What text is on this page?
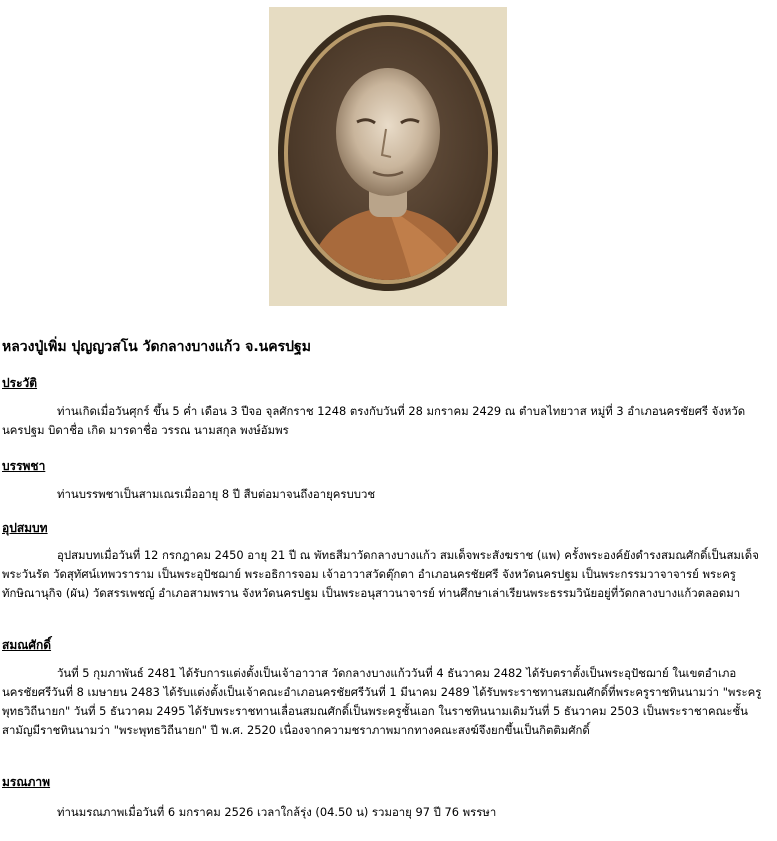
หลวงปู่เพิ่ม ปุญญวสโน วัดกลางบางแก้ว จ.นครปฐม
ประวัติ

ท่านเกิดเมื่อวันศุกร์ ขึ้น 5 ค่ำ เดือน 3 ปีจอ จุลศักราช 1248 ตรงกับวันที่ 28 มกราคม 2429 ณ ตำบลไทยวาส หมู่ที่ 3 อำเภอนครชัยศรี จังหวัดนครปฐม บิดาชื่อ เกิด มารดาชื่อ วรรณ นามสกุล พงษ์อัมพร

บรรพชา

ท่านบรรพชาเป็นสามเณรเมื่ออายุ 8 ปี สืบต่อมาจนถึงอายุครบบวช

อุปสมบท

อุปสมบทเมื่อวันที่ 12 กรกฎาคม 2450 อายุ 21 ปี ณ พัทธสีมาวัดกลางบางแก้ว สมเด็จพระสังฆราช (แพ) ครั้งพระองค์ยังดำรงสมณศักดิ์เป็นสมเด็จพระวันรัต วัดสุทัศน์เทพวราราม เป็นพระอุปัชฌาย์ พระอธิการจอม เจ้าอาวาสวัดตุ๊กตา อำเภอนครชัยศรี จังหวัดนครปฐม เป็นพระกรรมวาจาจารย์ พระครูทักษิณานุกิจ (ผัน) วัดสรรเพชญ์ อำเภอสามพราน จังหวัดนครปฐม เป็นพระอนุสาวนาจารย์ ท่านศึกษาเล่าเรียนพระธรรมวินัยอยู่ที่วัดกลางบางแก้วตลอดมา

สมณศักดิ์

วันที่ 5 กุมภาพันธ์ 2481 ได้รับการแต่งตั้งเป็นเจ้าอาวาส วัดกลางบางแก้ววันที่ 4 ธันวาคม 2482 ได้รับตราตั้งเป็นพระอุปัชฌาย์ ในเขตอำเภอนครชัยศรีวันที่ 8 เมษายน 2483 ได้รับแต่งตั้งเป็นเจ้าคณะอำเภอนครชัยศรีวันที่ 1 มีนาคม 2489 ได้รับพระราชทานสมณศักดิ์ที่พระครูราชทินนามว่า "พระครูพุทธวิถีนายก" วันที่ 5 ธันวาคม 2495 ได้รับพระราชทานเลื่อนสมณศักดิ์เป็นพระครูชั้นเอก ในราชทินนามเดิมวันที่ 5 ธันวาคม 2503 เป็นพระราชาคณะชั้นสามัญมีราชทินนามว่า "พระพุทธวิถีนายก" ปี พ.ศ. 2520 เนื่องจากความชราภาพมากทางคณะสงฆ์จึงยกขึ้นเป็นกิตติมศักดิ์

มรณภาพ

ท่านมรณภาพเมื่อวันที่ 6 มกราคม 2526 เวลาใกล้รุ่ง (04.50 น) รวมอายุ 97 ปี 76 พรรษา
